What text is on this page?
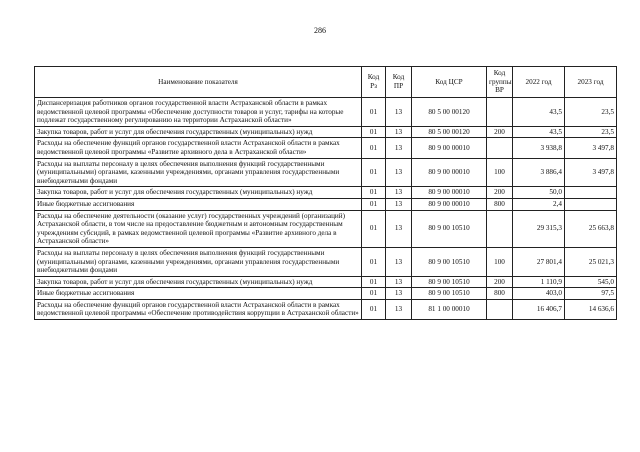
286
Наименование показателя	Код Рз	Код ПР	Код ЦСР	Код группы ВР	2022 год	2023 год
Диспансеризация работников органов государственной власти Астраханской области в рамках ведомственной целевой программы «Обеспечение доступности товаров и услуг, тарифы на которые подлежат государственному регулированию на территории Астраханской области»	01	13	80 5 00 00120		43,5	23,5
Закупка товаров, работ и услуг для обеспечения государственных (муниципальных) нужд	01	13	80 5 00 00120	200	43,5	23,5
Расходы на обеспечение функций органов государственной власти Астраханской области в рамках ведомственной целевой программы «Развитие архивного дела в Астраханской области»	01	13	80 9 00 00010		3 938,8	3 497,8
Расходы на выплаты персоналу в целях обеспечения выполнения функций государственными (муниципальными) органами, казенными учреждениями, органами управления государственными внебюджетными фондами	01	13	80 9 00 00010	100	3 886,4	3 497,8
Закупка товаров, работ и услуг для обеспечения государственных (муниципальных) нужд	01	13	80 9 00 00010	200	50,0	
Иные бюджетные ассигнования	01	13	80 9 00 00010	800	2,4	
Расходы на обеспечение деятельности (оказание услуг) государственных учреждений (организаций) Астраханской области, в том числе на предоставление бюджетным и автономным государственным учреждениям субсидий, в рамках ведомственной целевой программы «Развитие архивного дела в Астраханской области»	01	13	80 9 00 10510		29 315,3	25 663,8
Расходы на выплаты персоналу в целях обеспечения выполнения функций государственными (муниципальными) органами, казенными учреждениями, органами управления государственными внебюджетными фондами	01	13	80 9 00 10510	100	27 801,4	25 021,3
Закупка товаров, работ и услуг для обеспечения государственных (муниципальных) нужд	01	13	80 9 00 10510	200	1 110,9	545,0
Иные бюджетные ассигнования	01	13	80 9 00 10510	800	403,0	97,5
Расходы на обеспечение функций органов государственной власти Астраханской области в рамках ведомственной целевой программы «Обеспечение противодействия коррупции в Астраханской области»	01	13	81 1 00 00010		16 406,7	14 636,6
